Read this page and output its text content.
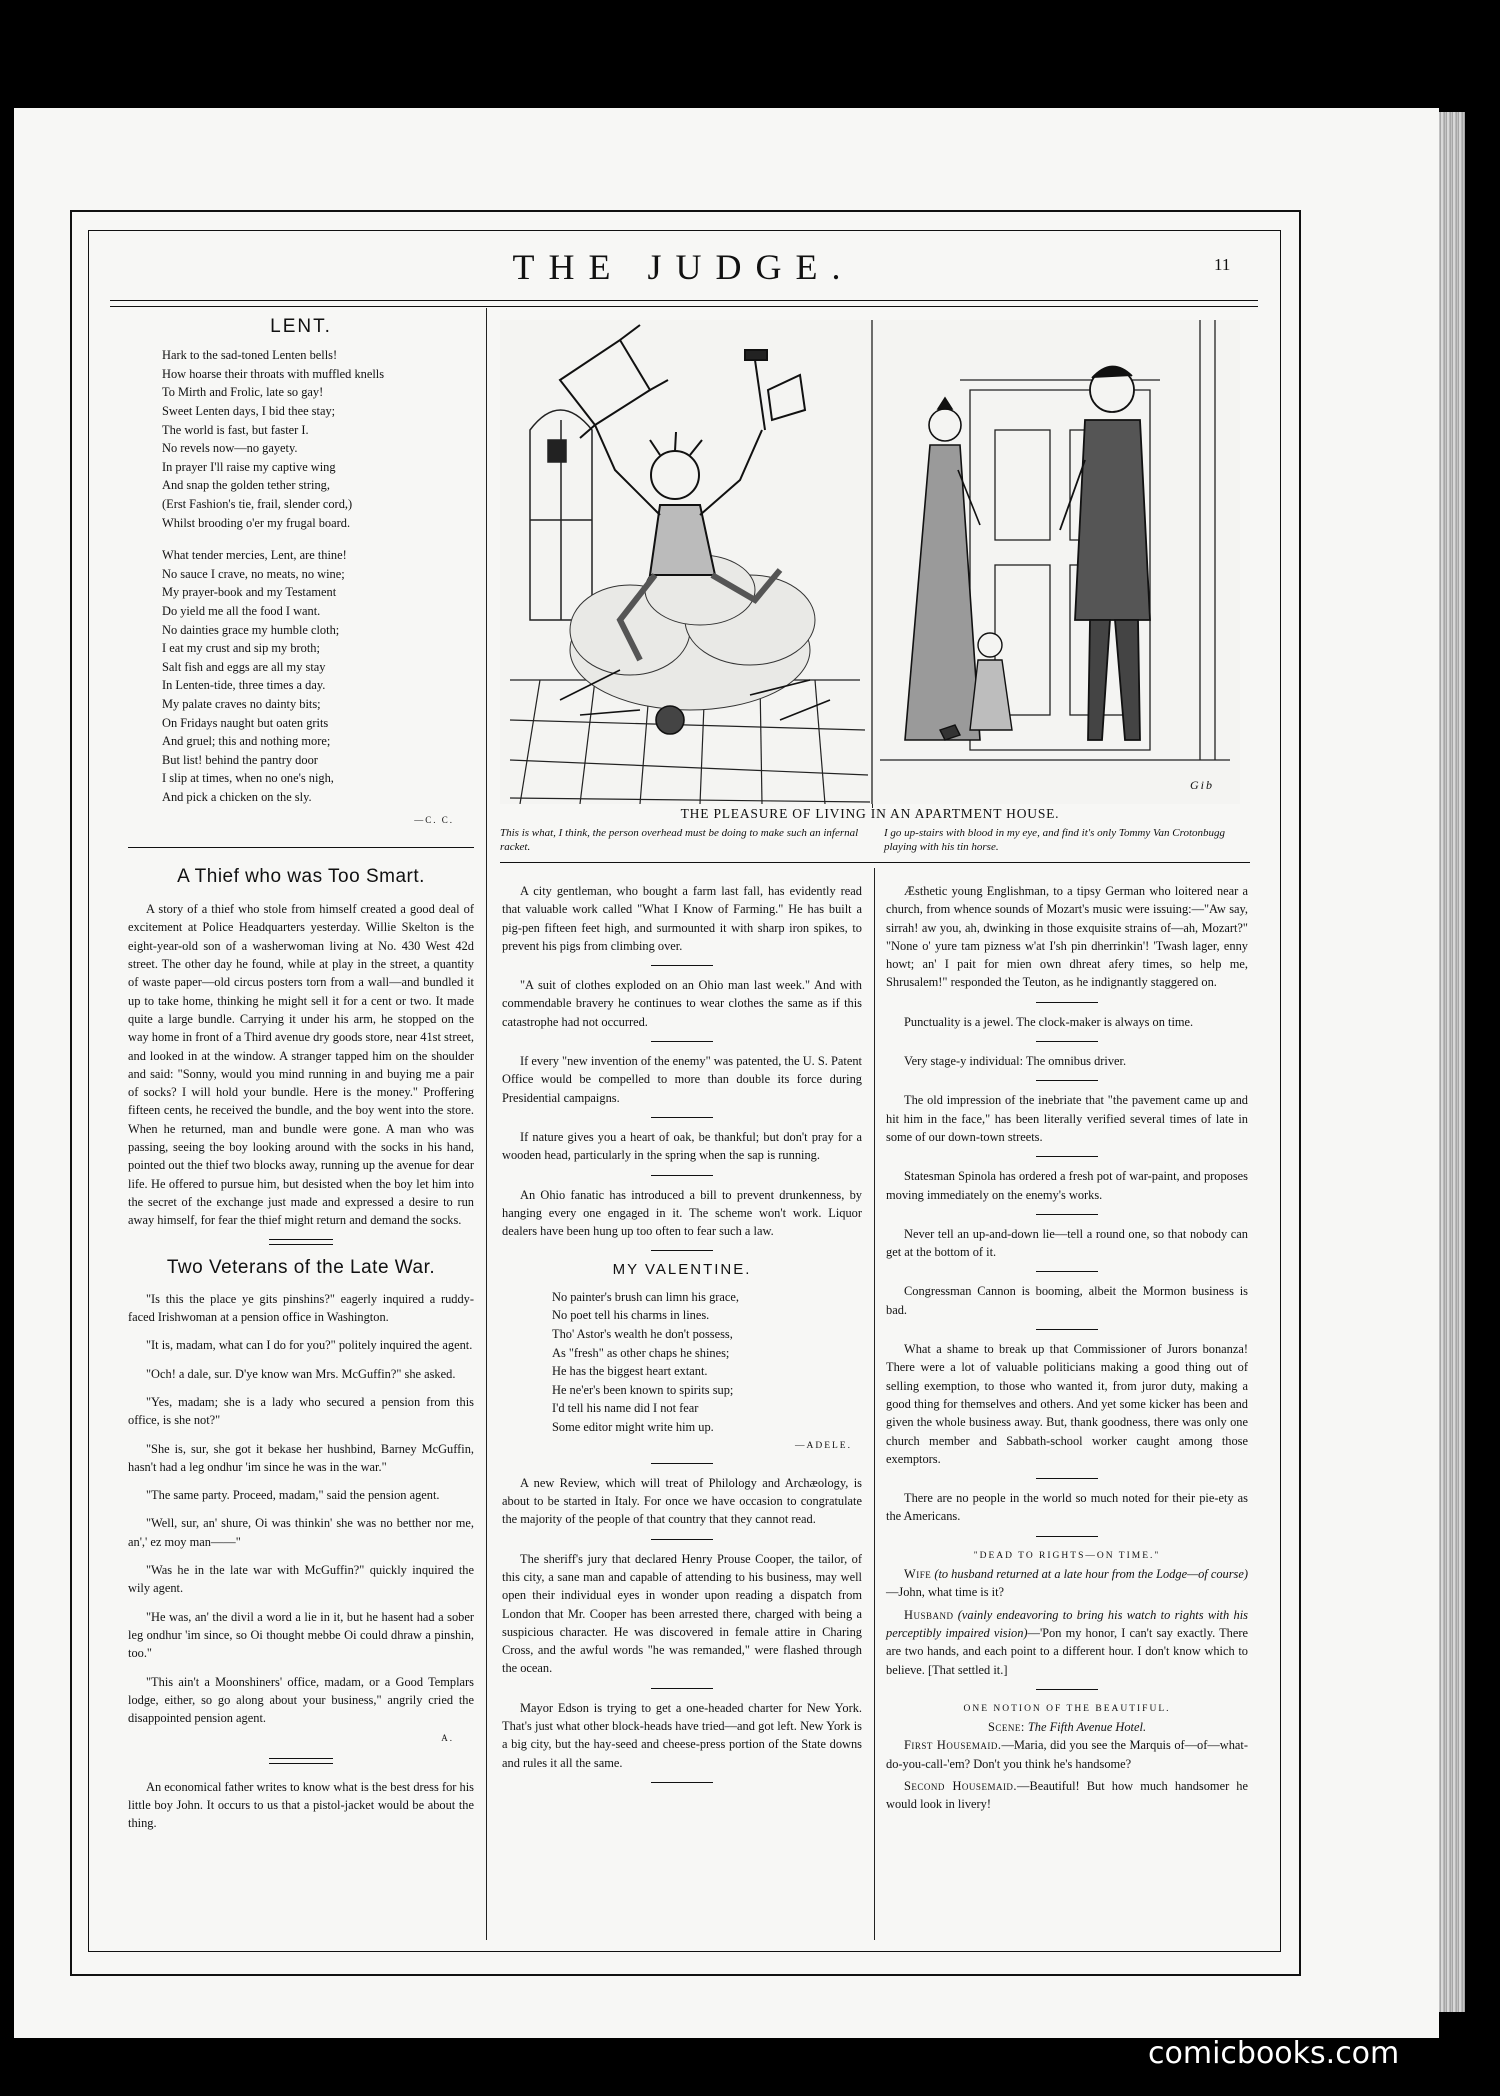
THE JUDGE.	11
LENT.
Hark to the sad-toned Lenten bells!
How hoarse their throats with muffled knells
To Mirth and Frolic, late so gay!
Sweet Lenten days, I bid thee stay;
The world is fast, but faster I.
No revels now—no gayety.
In prayer I'll raise my captive wing
And snap the golden tether string,
(Erst Fashion's tie, frail, slender cord,)
Whilst brooding o'er my frugal board.
What tender mercies, Lent, are thine!
No sauce I crave, no meats, no wine;
My prayer-book and my Testament
Do yield me all the food I want.
No dainties grace my humble cloth;
I eat my crust and sip my broth;
Salt fish and eggs are all my stay
In Lenten-tide, three times a day.
My palate craves no dainty bits;
On Fridays naught but oaten grits
And gruel; this and nothing more;
But list! behind the pantry door
I slip at times, when no one's nigh,
And pick a chicken on the sly.
—C. C.
A Thief who was Too Smart.

A story of a thief who stole from himself created a good deal of excitement at Police Headquarters yesterday. Willie Skelton is the eight-year-old son of a washerwoman living at No. 430 West 42d street. The other day he found, while at play in the street, a quantity of waste paper—old circus posters torn from a wall—and bundled it up to take home, thinking he might sell it for a cent or two. It made quite a large bundle. Carrying it under his arm, he stopped on the way home in front of a Third avenue dry goods store, near 41st street, and looked in at the window. A stranger tapped him on the shoulder and said: "Sonny, would you mind running in and buying me a pair of socks? I will hold your bundle. Here is the money." Proffering fifteen cents, he received the bundle, and the boy went into the store. When he returned, man and bundle were gone. A man who was passing, seeing the boy looking around with the socks in his hand, pointed out the thief two blocks away, running up the avenue for dear life. He offered to pursue him, but desisted when the boy let him into the secret of the exchange just made and expressed a desire to run away himself, for fear the thief might return and demand the socks.

Two Veterans of the Late War.

"Is this the place ye gits pinshins?" eagerly inquired a ruddy-faced Irishwoman at a pension office in Washington.

"It is, madam, what can I do for you?" politely inquired the agent.

"Och! a dale, sur. D'ye know wan Mrs. McGuffin?" she asked.

"Yes, madam; she is a lady who secured a pension from this office, is she not?"

"She is, sur, she got it bekase her hushbind, Barney McGuffin, hasn't had a leg ondhur 'im since he was in the war."

"The same party. Proceed, madam," said the pension agent.

"Well, sur, an' shure, Oi was thinkin' she was no betther nor me, an',' ez moy man——"

"Was he in the late war with McGuffin?" quickly inquired the wily agent.

"He was, an' the divil a word a lie in it, but he hasent had a sober leg ondhur 'im since, so Oi thought mebbe Oi could dhraw a pinshin, too."

"This ain't a Moonshiners' office, madam, or a Good Templars lodge, either, so go along about your business," angrily cried the disappointed pension agent.

A.

An economical father writes to know what is the best dress for his little boy John. It occurs to us that a pistol-jacket would be about the thing.

Gib
THE PLEASURE OF LIVING IN AN APARTMENT HOUSE.
This is what, I think, the person overhead must be doing to make such an infernal racket.
I go up-stairs with blood in my eye, and find it's only Tommy Van Crotonbugg playing with his tin horse.

A city gentleman, who bought a farm last fall, has evidently read that valuable work called "What I Know of Farming." He has built a pig-pen fifteen feet high, and surmounted it with sharp iron spikes, to prevent his pigs from climbing over.

"A suit of clothes exploded on an Ohio man last week." And with commendable bravery he continues to wear clothes the same as if this catastrophe had not occurred.

If every "new invention of the enemy" was patented, the U. S. Patent Office would be compelled to more than double its force during Presidential campaigns.

If nature gives you a heart of oak, be thankful; but don't pray for a wooden head, particularly in the spring when the sap is running.

An Ohio fanatic has introduced a bill to prevent drunkenness, by hanging every one engaged in it. The scheme won't work. Liquor dealers have been hung up too often to fear such a law.

MY VALENTINE.
No painter's brush can limn his grace,
No poet tell his charms in lines.
Tho' Astor's wealth he don't possess,
As "fresh" as other chaps he shines;
He has the biggest heart extant.
He ne'er's been known to spirits sup;
I'd tell his name did I not fear
Some editor might write him up.
—ADELE.

A new Review, which will treat of Philology and Archæology, is about to be started in Italy. For once we have occasion to congratulate the majority of the people of that country that they cannot read.

The sheriff's jury that declared Henry Prouse Cooper, the tailor, of this city, a sane man and capable of attending to his business, may well open their individual eyes in wonder upon reading a dispatch from London that Mr. Cooper has been arrested there, charged with being a suspicious character. He was discovered in female attire in Charing Cross, and the awful words "he was remanded," were flashed through the ocean.

Mayor Edson is trying to get a one-headed charter for New York. That's just what other block-heads have tried—and got left. New York is a big city, but the hay-seed and cheese-press portion of the State downs and rules it all the same.

Æsthetic young Englishman, to a tipsy German who loitered near a church, from whence sounds of Mozart's music were issuing:—"Aw say, sirrah! aw you, ah, dwinking in those exquisite strains of—ah, Mozart?" "None o' yure tam pizness w'at I'sh pin dherrinkin'! 'Twash lager, enny howt; an' I pait for mien own dhreat afery times, so help me, Shrusalem!" responded the Teuton, as he indignantly staggered on.

Punctuality is a jewel. The clock-maker is always on time.

Very stage-y individual: The omnibus driver.

The old impression of the inebriate that "the pavement came up and hit him in the face," has been literally verified several times of late in some of our down-town streets.

Statesman Spinola has ordered a fresh pot of war-paint, and proposes moving immediately on the enemy's works.

Never tell an up-and-down lie—tell a round one, so that nobody can get at the bottom of it.

Congressman Cannon is booming, albeit the Mormon business is bad.

What a shame to break up that Commissioner of Jurors bonanza! There were a lot of valuable politicians making a good thing out of selling exemption, to those who wanted it, from juror duty, making a good thing for themselves and others. And yet some kicker has been and given the whole business away. But, thank goodness, there was only one church member and Sabbath-school worker caught among those exemptors.

There are no people in the world so much noted for their pie-ety as the Americans.

"DEAD TO RIGHTS—ON TIME."

Wife (to husband returned at a late hour from the Lodge—of course)—John, what time is it?

Husband (vainly endeavoring to bring his watch to rights with his perceptibly impaired vision)—'Pon my honor, I can't say exactly. There are two hands, and each point to a different hour. I don't know which to believe. [That settled it.]

ONE NOTION OF THE BEAUTIFUL.
Scene: The Fifth Avenue Hotel.

First Housemaid.—Maria, did you see the Marquis of—of—what-do-you-call-'em? Don't you think he's handsome?

Second Housemaid.—Beautiful! But how much handsomer he would look in livery!

comicbooks.com
